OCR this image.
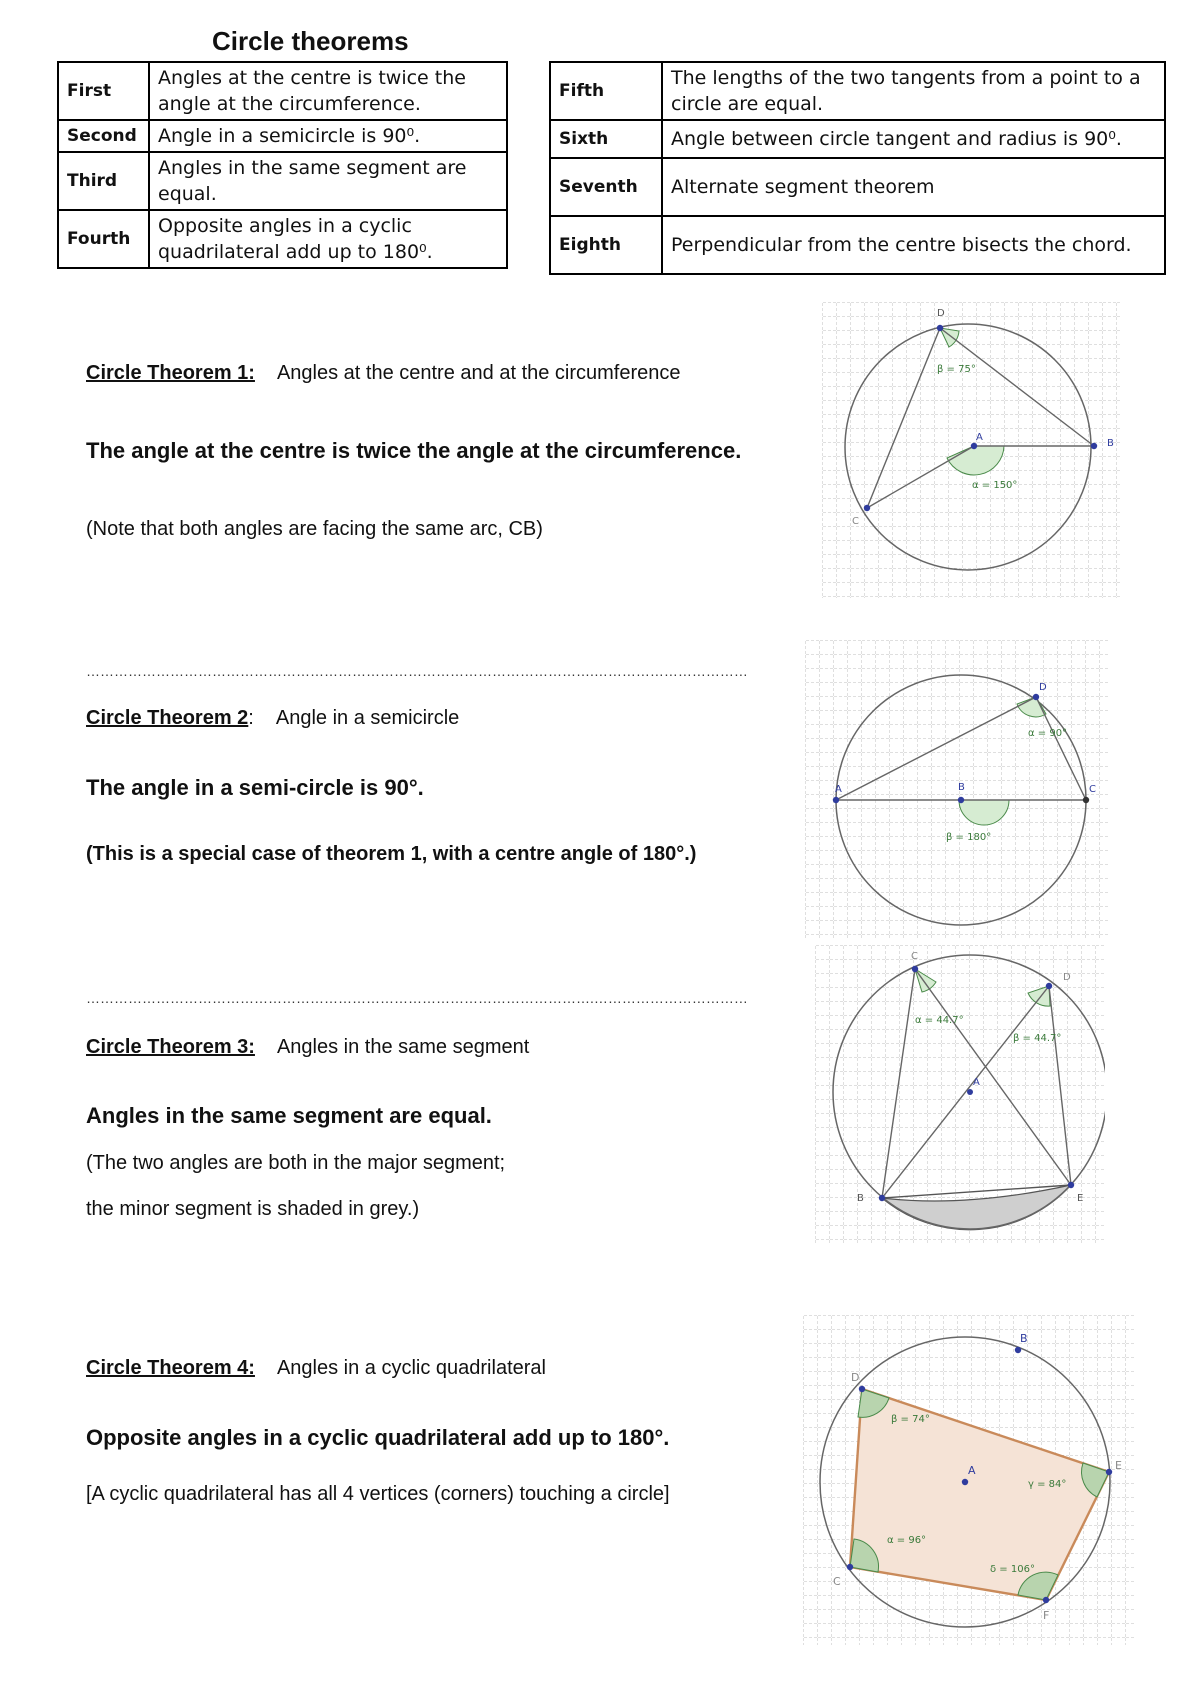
Circle theorems
First	Angles at the centre is twice the angle at the circumference.
Second	Angle in a semicircle is 90⁰.
Third	Angles in the same segment are equal.
Fourth	Opposite angles in a cyclic quadrilateral add up to 180⁰.
Fifth	The lengths of the two tangents from a point to a circle are equal.
Sixth	Angle between circle tangent and radius is 90⁰.
Seventh	Alternate segment theorem
Eighth	Perpendicular from the centre bisects the chord.
Circle Theorem 1: Angles at the centre and at the circumference
The angle at the centre is twice the angle at the circumference.
(Note that both angles are facing the same arc, CB)
D
A
B
C
β = 75°
α = 150°
……………………………………………………………………………………………….……………………………
Circle Theorem 2: Angle in a semicircle
The angle in a semi-circle is 90°.
(This is a special case of theorem 1, with a centre angle of 180°.)
D
A	B	C
α = 90°
β = 180°
……………………………………………………………………………………………….……………………………
Circle Theorem 3: Angles in the same segment
Angles in the same segment are equal.
(The two angles are both in the major segment;
the minor segment is shaded in grey.)
C
D
A
B	E
α = 44.7°
β = 44.7°
Circle Theorem 4: Angles in a cyclic quadrilateral
Opposite angles in a cyclic quadrilateral add up to 180°.
[A cyclic quadrilateral has all 4 vertices (corners) touching a circle]
B
D
A	E
C
F
β = 74°
γ = 84°
α = 96°
δ = 106°
